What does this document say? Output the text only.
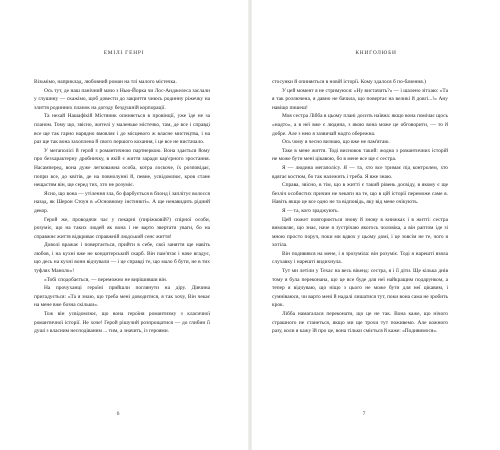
ЕМІЛІ ГЕНРІ

Візьмімо, наприклад, любовний роман на тлі малого містечка.

Ось тут, де наш панічний мачо з Нью-Йорка чи Лос-Анджелеса заслали у глушину — скажімо, щоб довести до закриття чиюсь родинну ріжечку на злиття родинних планок на догоду бездушній корпорації.

Та нехай Нашафікій Містяник опиняється в провінції, уже їде не за планом. Тому що, звісно, жителі у маленьке містечко, там, де все і справді все ще так гарно нарядно вмовляє і до місцевого ж власне мистецтва, і на раз ще так вона захоплена й свого першого кохання, і це все не вистачало.

У мегаполісі й герой з романтичною партнеркою. Вона здається йому про безхарактерну дробничку, в якій є життя заради кар'єрного зростання. Насамперед, вона дуже легковажна особа, котра лоскоче, їх розповідає, попри все, до квітів, де на повнолунні й, певне, усвідомлює, кров стане нещастям він, ще серед тих, хто не розуміє.

Ясно, що вона — утілення зла, бо фарбується в блонд і заплітує волосся назад, як Шерон Стоун в «Основному інстинкті». А ще ненавидить рідний декор.

Герой же, проводячи час у пекарні (пиріжковій?) спірної особи, розуміє, що на таких людей як вона і не варто звертати уваги, бо на справжнє життя відкриває справжній людський сенс життя!

Доволі вражає і повертається, прийти в себе, свої заняття ще навіть любов, і на кухні вже не кондитерський скарб. Він пам'ятає і наче вгадує, що десь на кухні вони відчували — і це справді те, що мало б бути, не в тих туфлях Маноло»!

«Тобі сподобається, — переможно не вирішивши він.

На прочуханці героїні прийшли поглянути на діру. Дівчина пригадується: «Та я знаю, що треба мені доводитися, я так хочу, Він чекає на мене вже бозна скільки».

Тож він усвідомлює, що вона героїня романтизму з класичної романтичної історії. Не хоче! Герой рішучий розпрощатися — до глибин її душі з власним несподіваним ... тим, а значить, із героями.

6
КНИГОЛЮБИ

стосунки й опиняється в новій історії. Кому здалося б по-бачення.)

У цей момент я не стримуюся: «Ну вистачить?» — і шалено зітхаю: «Та я так розлючена, я давно не бачила, що повертає на великі й довгі...!» Ану навіщо пишеш!

Моя сестра Лібба в цьому плані досить наївна: якщо вона помічає щось «надто», а в неї вже є людина, з якою вона може це обговорити, — то й добре. Але з нею я зазвичай надто обережна.

Ось чому я чесно визнаю, що вже не пам'ятаю.

Таке в мене життя. Тоді висновок такий: жодна з романтичних історій не може бути мені цікавою, бо в мене все ще є сестра.

Я — людина мегаполісу. Я — та, хто все тримає під контролем, хто вдягає костюм, бо так належить і треба. Я вже знаю.

Справа, звісно, в тім, що в житті є такий рівень досвіду, в якому є ще безліч особистих причин не чекати на те, що в цій історії переможе саме я. Навіть якщо це все одно не та відповідь, яку від мене очікують.

Я — та, кого зраджують.

Цей сюжет повторюється знову й знову в книжках і в житті: сестра вимовляє, що знає, наче я зустрічаю якогось чоловіка, а він раптом іде зі мною просто поруч, поки ми вдвох у цьому домі, і це зовсім не те, чого я хотіла.

Він подивився на мене, і я зрозуміла: він розуміє. Тоді я нарешті взяла слухавку і нарешті видихнула.

Тут ми летіли у Техас на весь вікенд: сестра, я і її діти. Ще кілька днів тому я була переконана, що це все буде для неї найкращим подарунком, а тепер я відчуваю, що ніщо з цього не може бути для неї цікавим, і сумніваюся, чи варто мені й надалі лишатися тут, поки вона сама не зробить крок.

Лібба намагалася переконати, що це не так. Вона каже, що нічого страшного не станеться, якщо ми ще трохи тут поживемо. Але кожного разу, коли я кажу їй про це, вона тільки сміється й каже: «Подивимося».

7
